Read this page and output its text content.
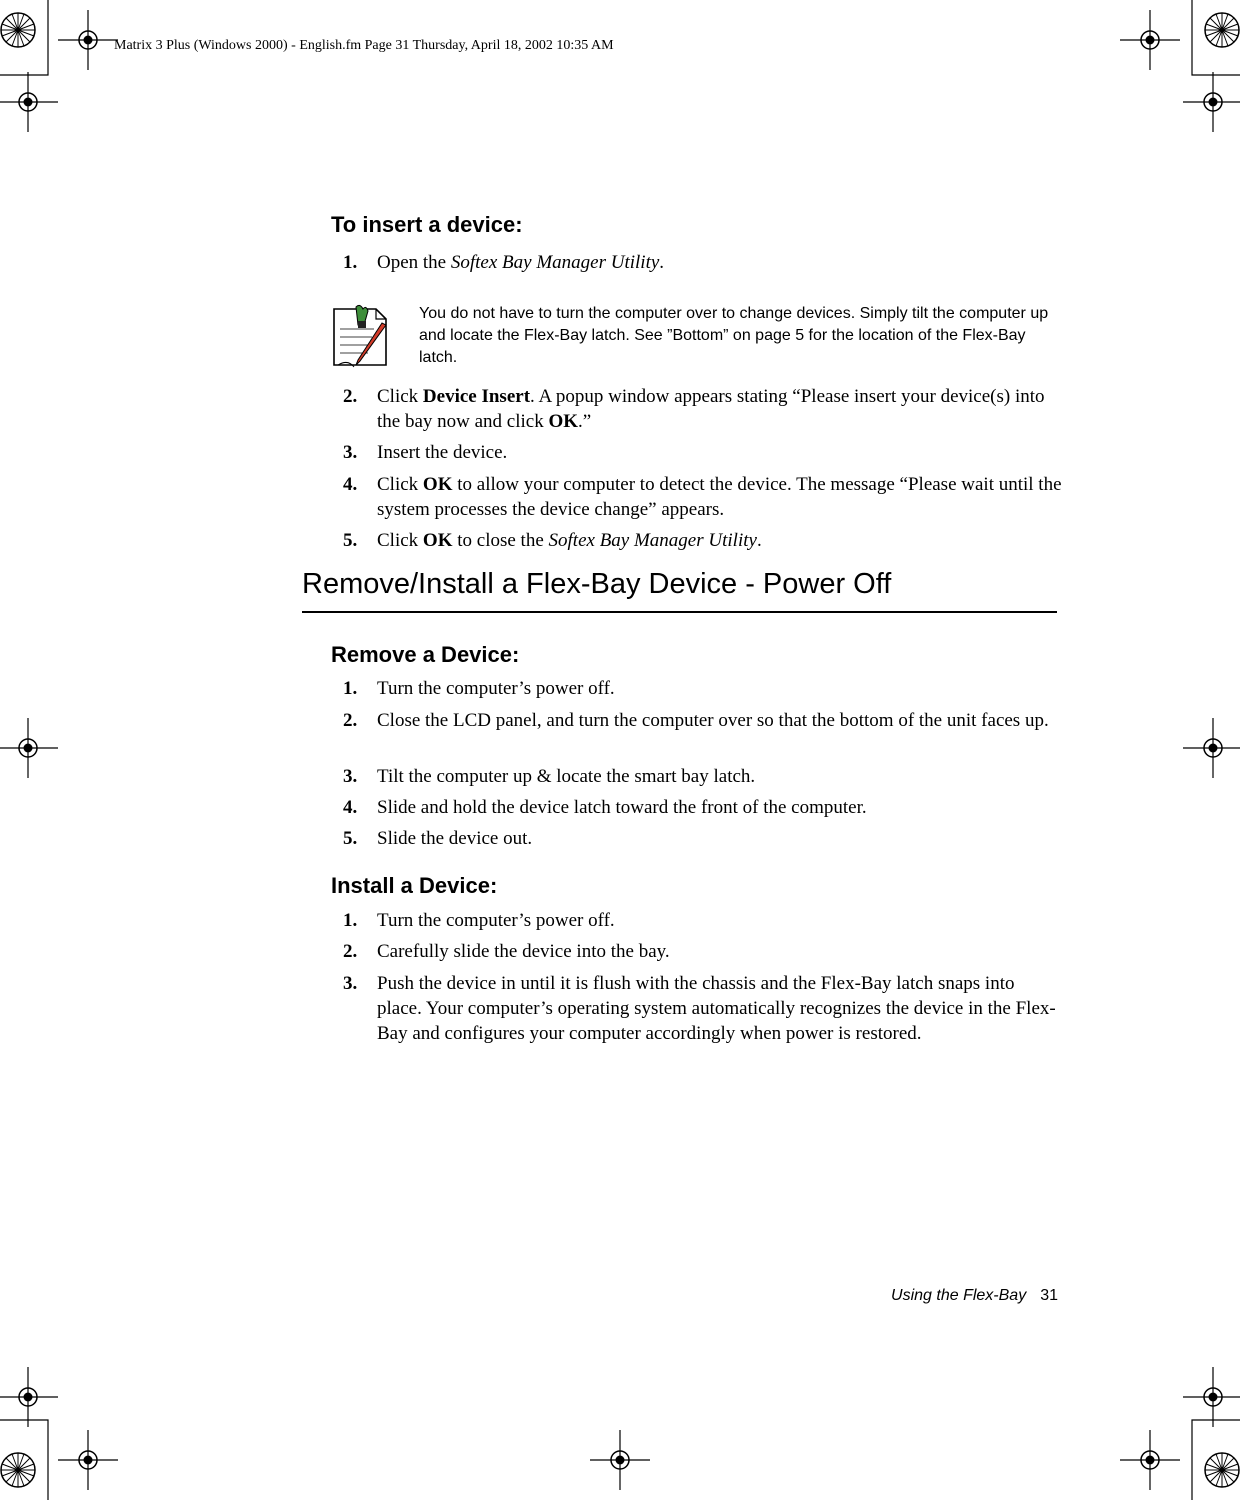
Matrix 3 Plus (Windows 2000) - English.fm Page 31 Thursday, April 18, 2002 10:35 AM
To insert a device:
1. Open the Softex Bay Manager Utility.
You do not have to turn the computer over to change devices. Simply tilt the computer up and locate the Flex-Bay latch. See ”Bottom” on page 5 for the location of the Flex-Bay latch.
2. Click Device Insert. A popup window appears stating “Please insert your device(s) into the bay now and click OK.”
3. Insert the device.
4. Click OK to allow your computer to detect the device. The message “Please wait until the system processes the device change” appears.
5. Click OK to close the Softex Bay Manager Utility.
Remove/Install a Flex-Bay Device - Power Off
Remove a Device:
1. Turn the computer’s power off.
2. Close the LCD panel, and turn the computer over so that the bottom of the unit faces up.
3. Tilt the computer up & locate the smart bay latch.
4. Slide and hold the device latch toward the front of the computer.
5. Slide the device out.
Install a Device:
1. Turn the computer’s power off.
2. Carefully slide the device into the bay.
3. Push the device in until it is flush with the chassis and the Flex-Bay latch snaps into place. Your computer’s operating system automatically recognizes the device in the Flex-Bay and configures your computer accordingly when power is restored.
Using the Flex-Bay 31
